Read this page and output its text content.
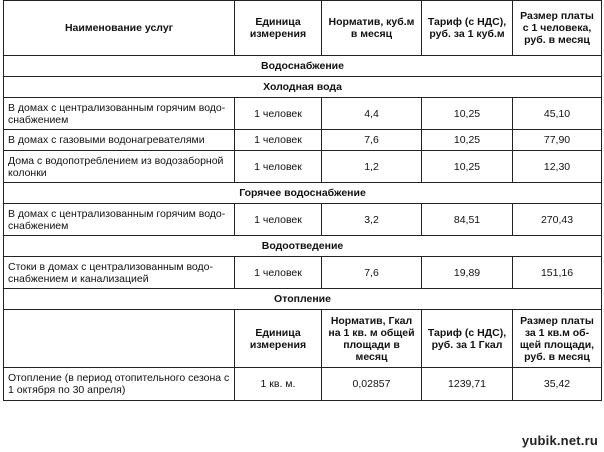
Наименование услуг	Единица измерения	Норматив, куб.м в месяц	Тариф (с НДС), руб. за 1 куб.м	Размер платы с 1 человека, руб. в месяц
Водоснабжение				
Холодная вода				
В домах с централизованным горячим водо-снабжением	1 человек	4,4	10,25	45,10
В домах с газовыми водонагревателями	1 человек	7,6	10,25	77,90
Дома с водопотреблением из водозаборной колонки	1 человек	1,2	10,25	12,30
Горячее водоснабжение				
В домах с централизованным горячим водо-снабжением	1 человек	3,2	84,51	270,43
Водоотведение				
Стоки в домах с централизованным водо-снабжением и канализацией	1 человек	7,6	19,89	151,16
Отопление				
	Единица измерения	Норматив, Гкал на 1 кв. м общей площади в месяц	Тариф (с НДС), руб. за 1 Гкал	Размер платы за 1 кв.м об-щей площади, руб. в месяц
Отопление (в период отопительного сезона с 1 октября по 30 апреля)	1 кв. м.	0,02857	1239,71	35,42
yubik.net.ru
